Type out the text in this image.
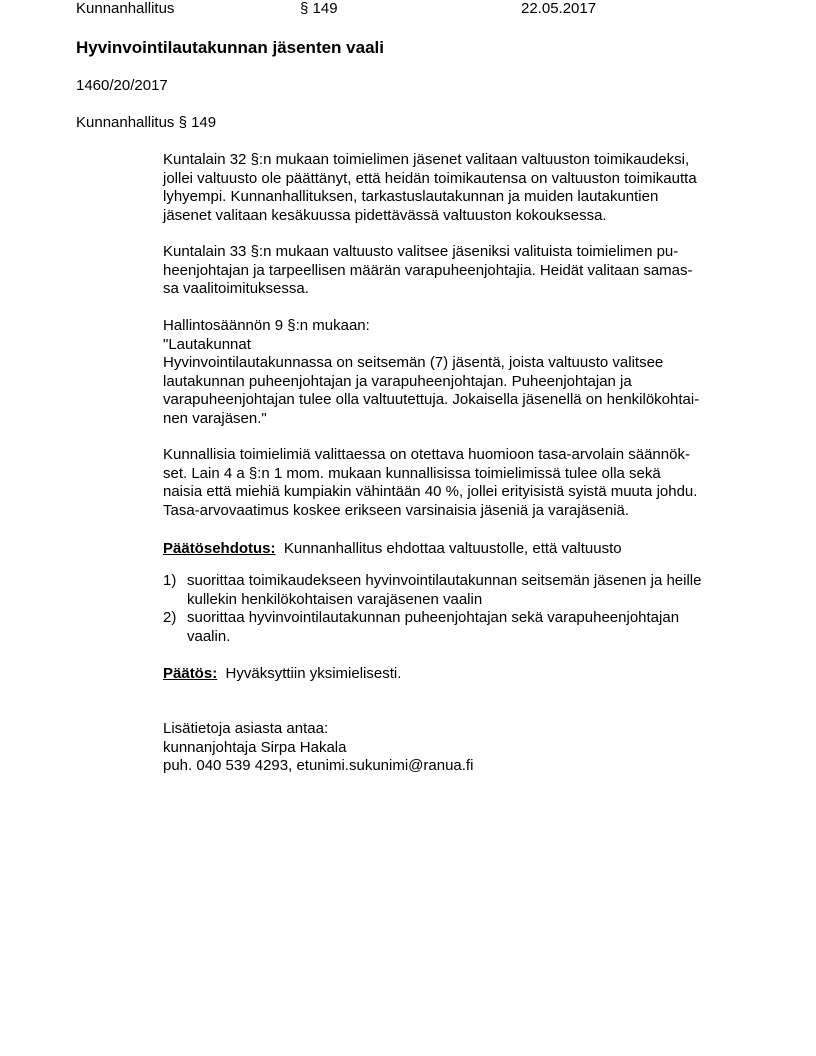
Kunnanhallitus	§ 149	22.05.2017
Hyvinvointilautakunnan jäsenten vaali
1460/20/2017
Kunnanhallitus § 149

Kuntalain 32 §:n mukaan toimielimen jäsenet valitaan valtuuston toimikaudeksi,
jollei valtuusto ole päättänyt, että heidän toimikautensa on valtuuston toimikautta
lyhyempi. Kunnanhallituksen, tarkastuslautakunnan ja muiden lautakuntien
jäsenet valitaan kesäkuussa pidettävässä valtuuston kokouksessa.

Kuntalain 33 §:n mukaan valtuusto valitsee jäseniksi valituista toimielimen pu-
heenjohtajan ja tarpeellisen määrän varapuheenjohtajia. Heidät valitaan samas-
sa vaalitoimituksessa.

Hallintosäännön 9 §:n mukaan:
"Lautakunnat
Hyvinvointilautakunnassa on seitsemän (7) jäsentä, joista valtuusto valitsee
lautakunnan puheenjohtajan ja varapuheenjohtajan. Puheenjohtajan ja
varapuheenjohtajan tulee olla valtuutettuja. Jokaisella jäsenellä on henkilökohtai-
nen varajäsen."

Kunnallisia toimielimiä valittaessa on otettava huomioon tasa-arvolain säännök-
set. Lain 4 a §:n 1 mom. mukaan kunnallisissa toimielimissä tulee olla sekä
naisia että miehiä kumpiakin vähintään 40 %, jollei erityisistä syistä muuta johdu.
Tasa-arvovaatimus koskee erikseen varsinaisia jäseniä ja varajäseniä.

Päätösehdotus: Kunnanhallitus ehdottaa valtuustolle, että valtuusto
1) suorittaa toimikaudekseen hyvinvointilautakunnan seitsemän jäsenen ja heille
kullekin henkilökohtaisen varajäsenen vaalin
2) suorittaa hyvinvointilautakunnan puheenjohtajan sekä varapuheenjohtajan
vaalin.
Päätös: Hyväksyttiin yksimielisesti.

Lisätietoja asiasta antaa:
kunnanjohtaja Sirpa Hakala
puh. 040 539 4293, etunimi.sukunimi@ranua.fi
